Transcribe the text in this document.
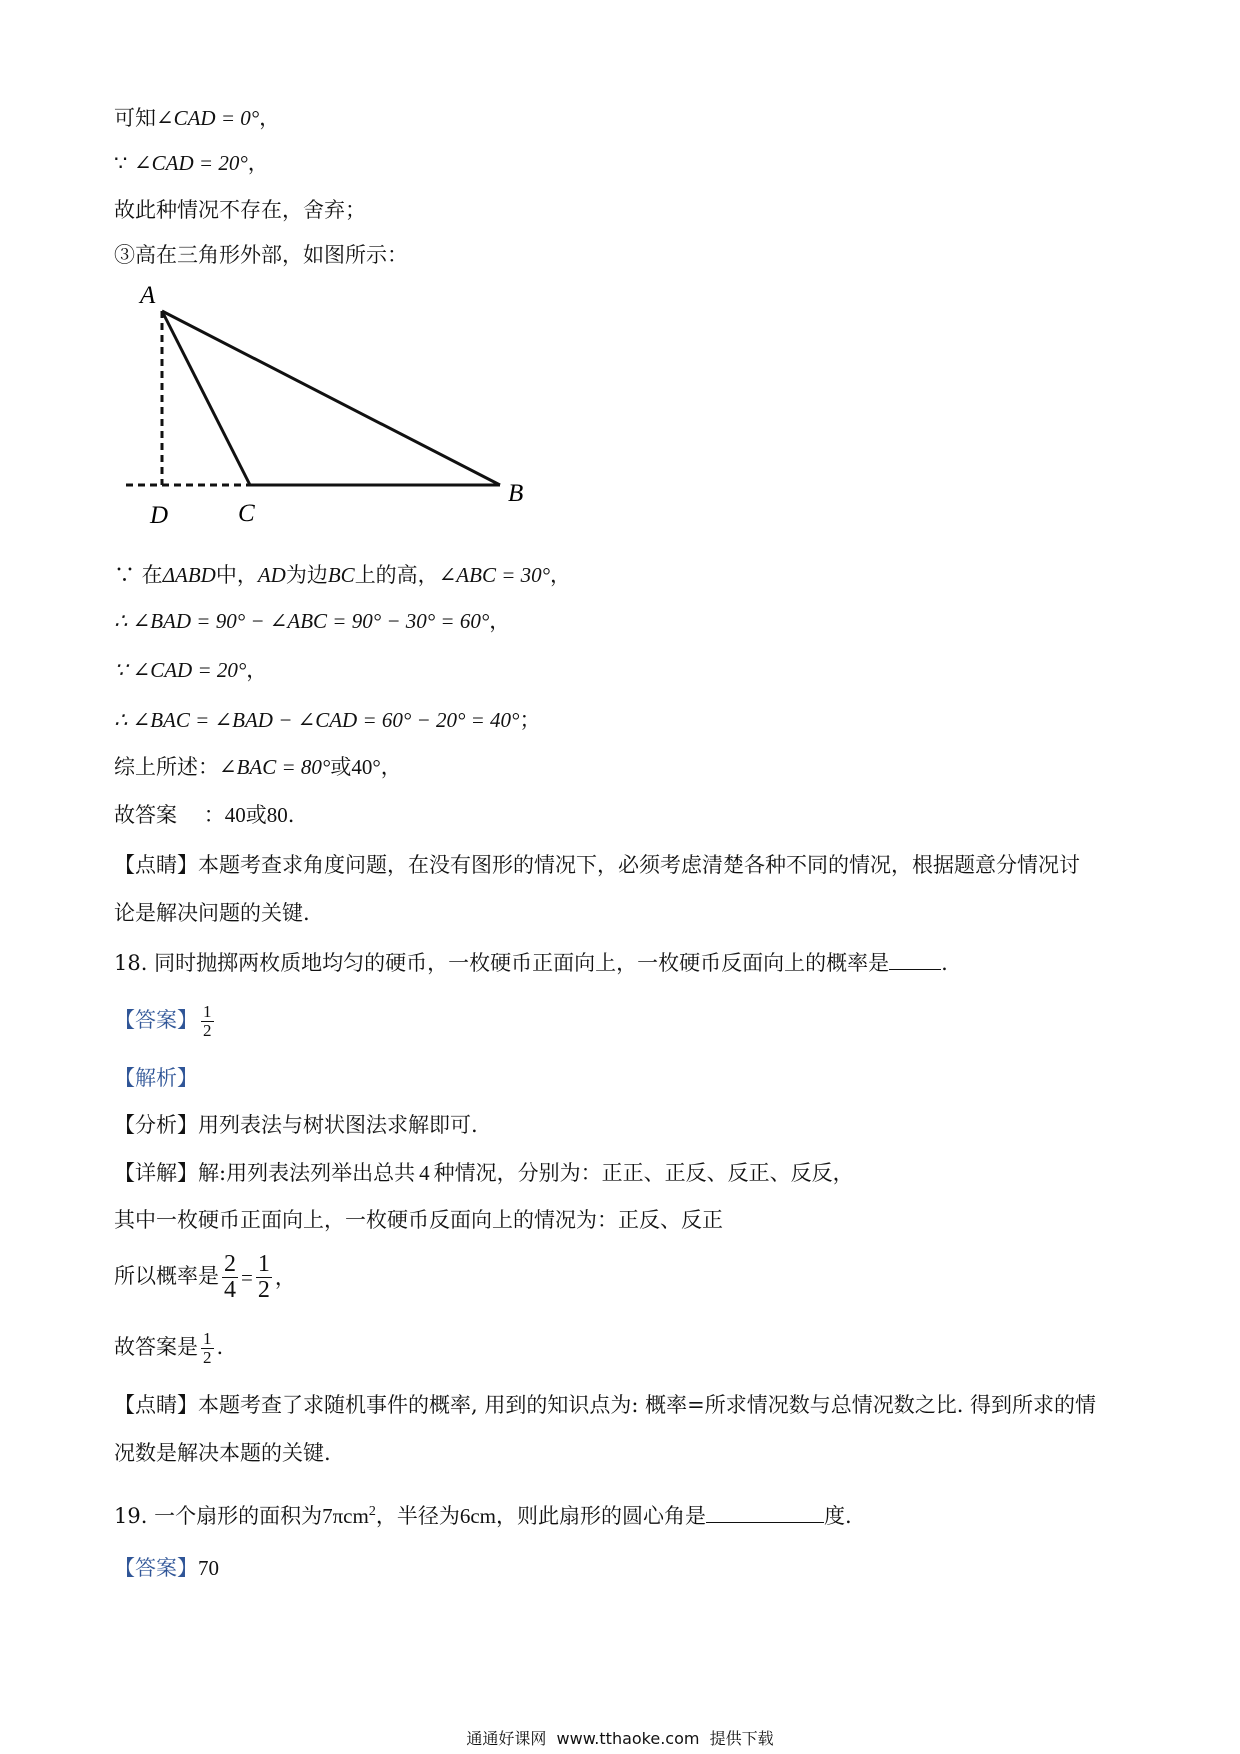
可知∠CAD = 0°，
∵ ∠CAD = 20°，
故此种情况不存在，舍弃；
③高在三角形外部，如图所示：
A
D	C
B
∵ 在ΔABD中，AD为边BC上的高，∠ABC = 30°，
∴ ∠BAD = 90° − ∠ABC = 90° − 30° = 60°，
∵ ∠CAD = 20°，
∴ ∠BAC = ∠BAD − ∠CAD = 60° − 20° = 40°；
综上所述：∠BAC = 80°或40°，
故答案    ：40或80.
【点睛】本题考查求角度问题，在没有图形的情况下，必须考虑清楚各种不同的情况，根据题意分情况讨
论是解决问题的关键.
18. 同时抛掷两枚质地均匀的硬币，一枚硬币正面向上，一枚硬币反面向上的概率是 .
【答案】 $\frac{1}{2}$
【解析】
【分析】用列表法与树状图法求解即可.
【详解】解:用列表法列举出总共 4 种情况，分别为：正正、正反、反正、反反，
其中一枚硬币正面向上，一枚硬币反面向上的情况为：正反、反正
所以概率是 $\frac{2}{4} = \frac{1}{2}$ ，
故答案是 $\frac{1}{2}$ .
【点睛】本题考查了求随机事件的概率, 用到的知识点为: 概率=所求情况数与总情况数之比. 得到所求的情
况数是解决本题的关键.
19. 一个扇形的面积为7πcm$^2$，半径为6cm，则此扇形的圆心角是	度.
【答案】70
通通好课网  www.tthaoke.com  提供下载
